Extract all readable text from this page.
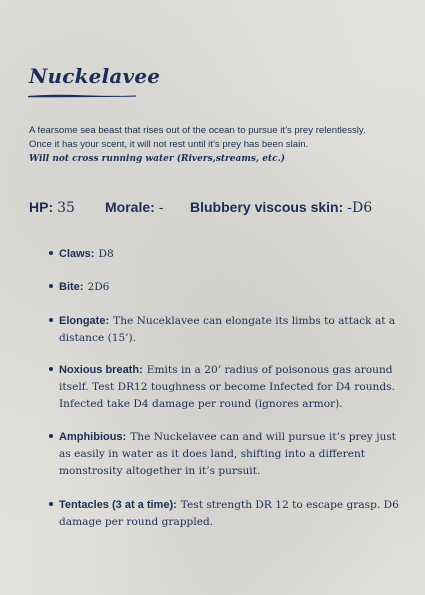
Nuckelavee

A fearsome sea beast that rises out of the ocean to pursue it’s prey relentlessly.

Once it has your scent, it will not rest until it’s prey has been slain.

Will not cross running water (Rivers,streams, etc.)

HP: 35 Morale: - Blubbery viscous skin: -D6
Claws: D8
Bite: 2D6
Elongate: The Nuceklavee can elongate its limbs to attack at a distance (15’).
Noxious breath: Emits in a 20’ radius of poisonous gas around itself. Test DR12 toughness or become Infected for D4 rounds. Infected take D4 damage per round (ignores armor).
Amphibious: The Nuckelavee can and will pursue it’s prey just as easily in water as it does land, shifting into a different monstrosity altogether in it’s pursuit.
Tentacles (3 at a time): Test strength DR 12 to escape grasp. D6 damage per round grappled.
